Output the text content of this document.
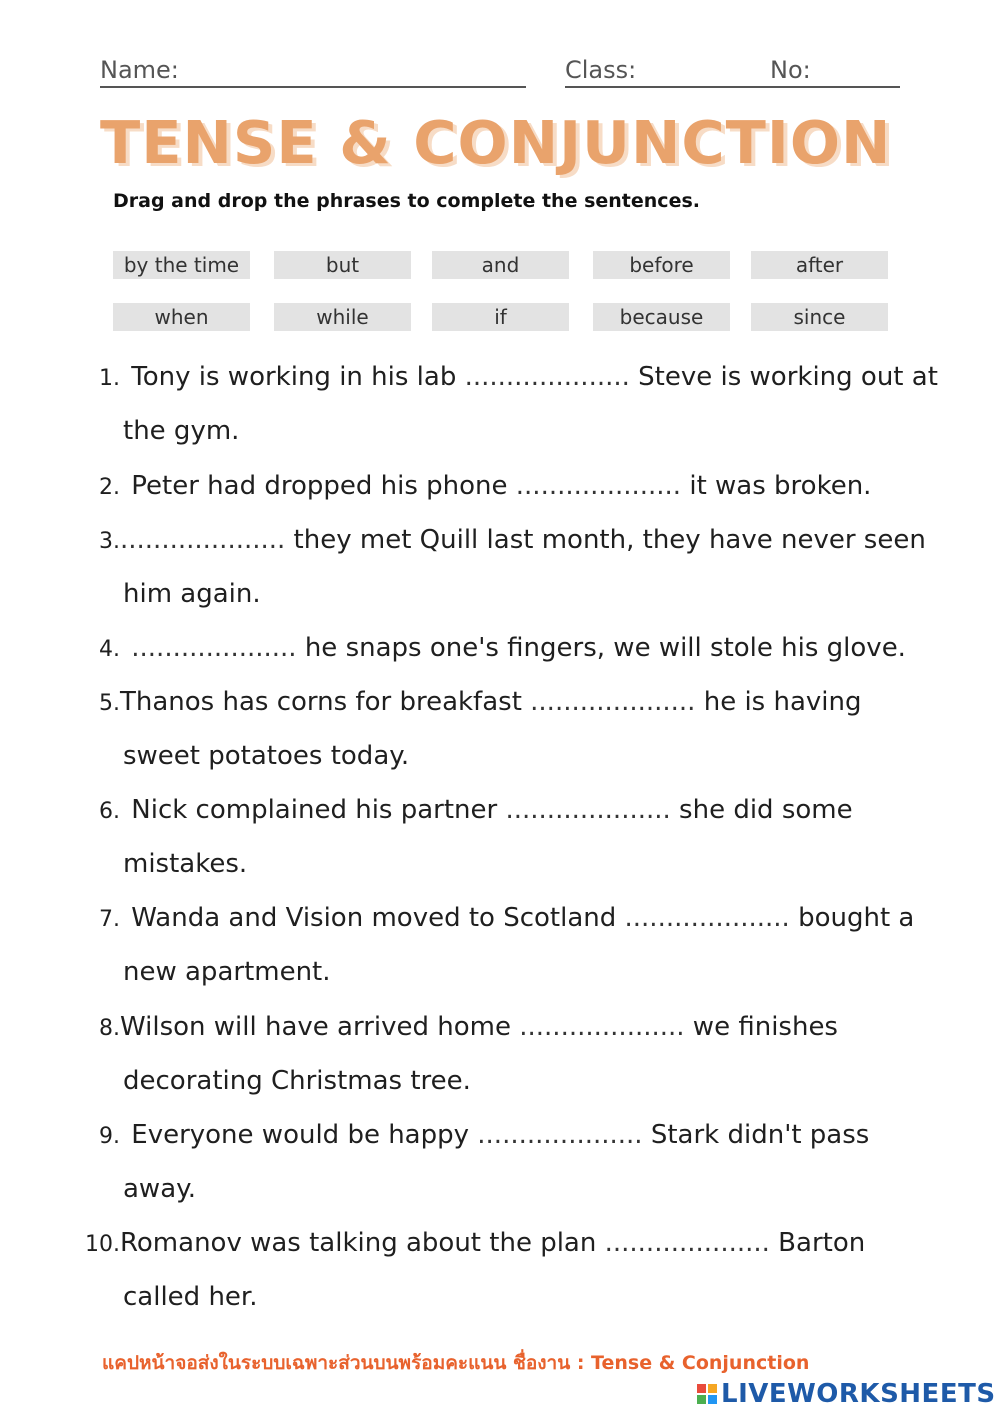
Name:	Class:	No:
TENSE & CONJUNCTION
Drag and drop the phrases to complete the sentences.
by the time	but	and	before	after
when	while	if	because	since
1. Tony is working in his lab .................... Steve is working out at
the gym.
2. Peter had dropped his phone .................... it was broken.
3. .................... they met Quill last month, they have never seen
him again.
4. .................... he snaps one's fingers, we will stole his glove.
5. Thanos has corns for breakfast .................... he is having
sweet potatoes today.
6. Nick complained his partner .................... she did some
mistakes.
7. Wanda and Vision moved to Scotland .................... bought a
new apartment.
8. Wilson will have arrived home .................... we finishes
decorating Christmas tree.
9. Everyone would be happy .................... Stark didn't pass
away.
10. Romanov was talking about the plan .................... Barton
called her.
แคปหน้าจอส่งในระบบเฉพาะส่วนบนพร้อมคะแนน ชื่องาน : Tense & Conjunction
LIVEWORKSHEETS
